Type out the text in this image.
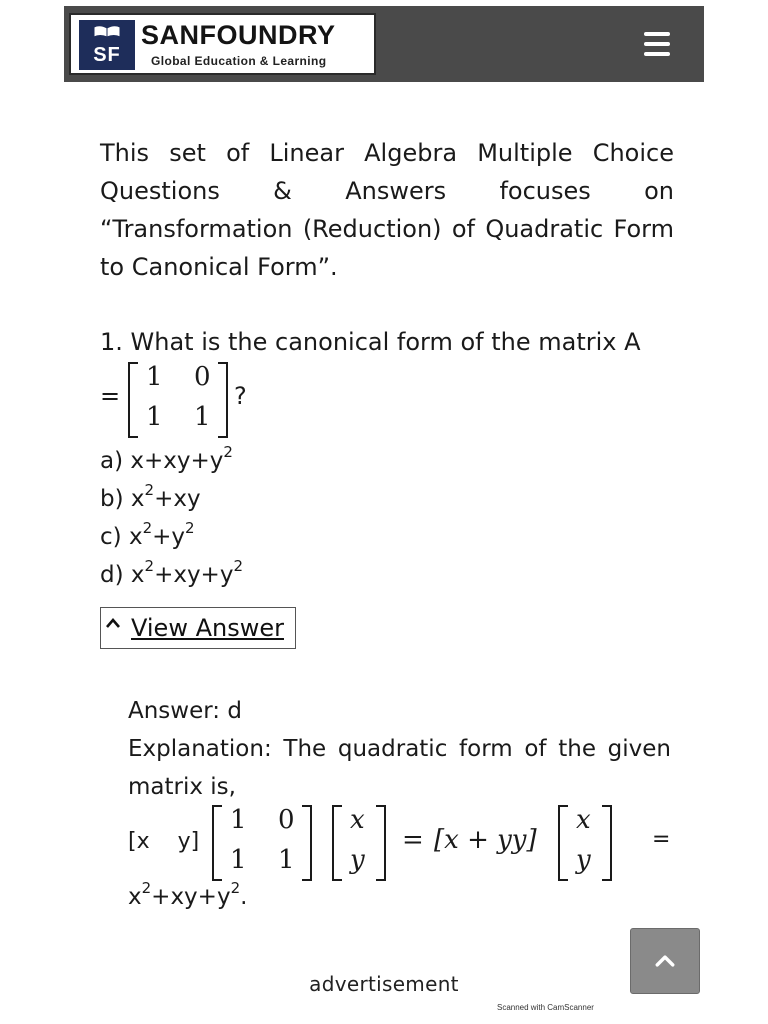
SF
SANFOUNDRY
Global Education & Learning
This set of Linear Algebra Multiple Choice Questions & Answers focuses on “Transformation (Reduction) of Quadratic Form to Canonical Form”.
1. What is the canonical form of the matrix A
=
1 0
1 1
?
a) $x+xy+y^2$
b) $x^2+xy$
c) $x^2+y^2$
d) $x^2+xy+y^2$
View Answer
Answer: d
Explanation: The quadratic form of the given matrix is,
[x    y]
1 0
1 1
x
y
= [x + yy]
x
y
=
$x^2+xy+y^2$.
advertisement
Scanned with CamScanner
